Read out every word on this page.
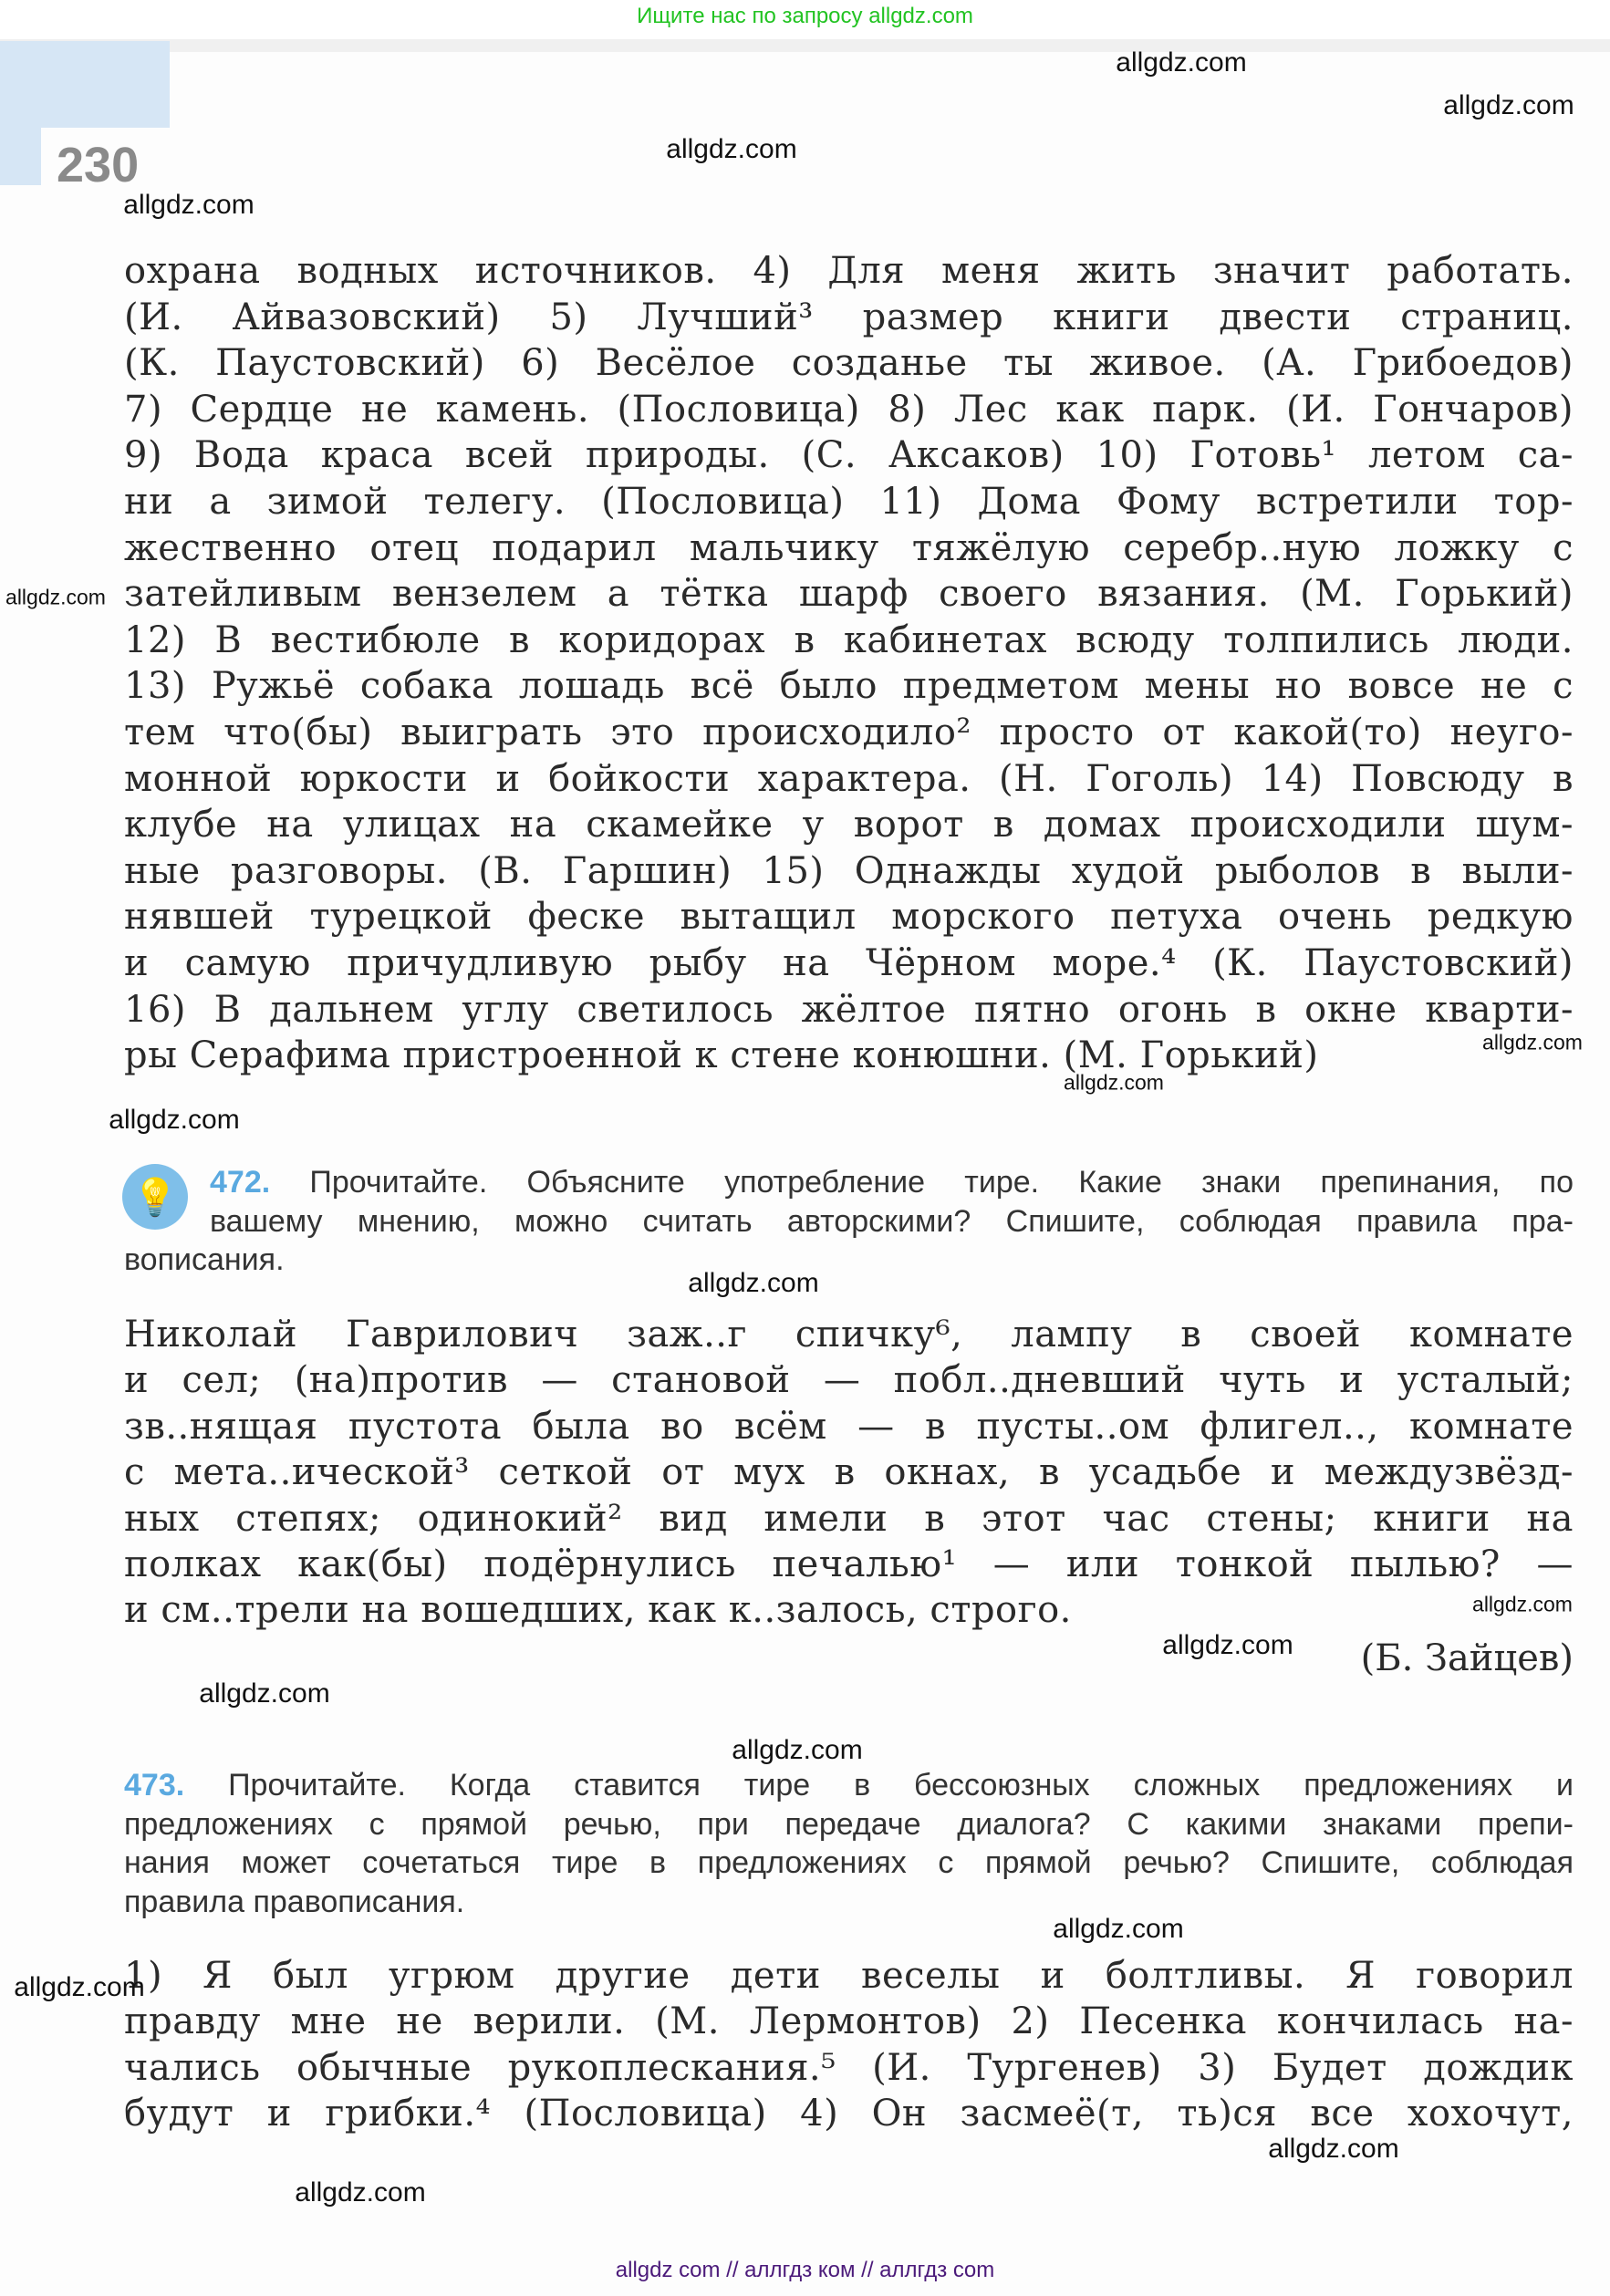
Ищите нас по запросу allgdz.com
230
охрана водных источников. 4) Для меня жить значит работать.
(И. Айвазовский) 5) Лучший³ размер книги двести страниц.
(К. Паустовский) 6) Весёлое созданье ты живое. (А. Грибоедов)
7) Сердце не камень. (Пословица) 8) Лес как парк. (И. Гончаров)
9) Вода краса всей природы. (С. Аксаков) 10) Готовь¹ летом са-
ни а зимой телегу. (Пословица) 11) Дома Фому встретили тор-
жественно отец подарил мальчику тяжёлую серебр..ную ложку с
затейливым вензелем а тётка шарф своего вязания. (М. Горький)
12) В вестибюле в коридорах в кабинетах всюду толпились люди.
13) Ружьё собака лошадь всё было предметом мены но вовсе не с
тем что(бы) выиграть это происходило² просто от какой(то) неуго-
монной юркости и бойкости характера. (Н. Гоголь) 14) Повсюду в
клубе на улицах на скамейке у ворот в домах происходили шум-
ные разговоры. (В. Гаршин) 15) Однажды худой рыболов в выли-
нявшей турецкой феске вытащил морского петуха очень редкую
и самую причудливую рыбу на Чёрном море.⁴ (К. Паустовский)
16) В дальнем углу светилось жёлтое пятно огонь в окне кварти-
ры Серафима пристроенной к стене конюшни. (М. Горький)
472. Прочитайте. Объясните употребление тире. Какие знаки препинания, по
вашему мнению, можно считать авторскими? Спишите, соблюдая правила пра-
вописания.
Николай Гаврилович заж..г спичку⁶, лампу в своей комнате
и сел; (на)против — становой — побл..дневший чуть и усталый;
зв..нящая пустота была во всём — в пусты..ом флигел.., комнате
с мета..ической³ сеткой от мух в окнах, в усадьбе и междузвёзд-
ных степях; одинокий² вид имели в этот час стены; книги на
полках как(бы) подёрнулись печалью¹ — или тонкой пылью? —
и см..трели на вошедших, как к..залось, строго.
473. Прочитайте. Когда ставится тире в бессоюзных сложных предложениях и
предложениях с прямой речью, при передаче диалога? С какими знаками препи-
нания может сочетаться тире в предложениях с прямой речью? Спишите, соблюдая
правила правописания.
1) Я был угрюм другие дети веселы и болтливы. Я говорил
правду мне не верили. (М. Лермонтов) 2) Песенка кончилась на-
чались обычные рукоплескания.⁵ (И. Тургенев) 3) Будет дождик
будут и грибки.⁴ (Пословица) 4) Он засмеё(т, ть)ся все хохочут,
💡
(Б. Зайцев)
allgdz.com
allgdz.com
allgdz.com
allgdz.com
allgdz.com
allgdz.com
allgdz.com
allgdz.com
allgdz.com
allgdz.com
allgdz.com
allgdz.com
allgdz.com
allgdz.com
allgdz.com
allgdz.com
allgdz.com
allgdz com // аллгдз ком // аллгдз com
